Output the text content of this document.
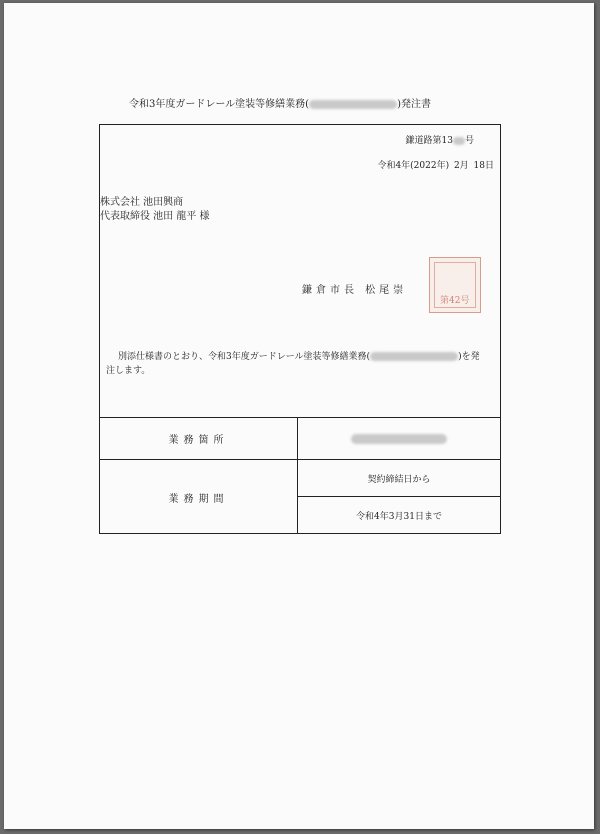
令和3年度ガードレール塗装等修繕業務(	)発注書
鎌道路第13 号
令和4年(2022年) 2月 18日
株式会社 池田興商
代表取締役 池田 龍平 様
鎌倉市長 松尾崇
第42号
別添仕様書のとおり、令和3年度ガードレール塗装等修繕業務(	)を発
注します。
業務箇所
業務期間
契約締結日から
令和4年3月31日まで
